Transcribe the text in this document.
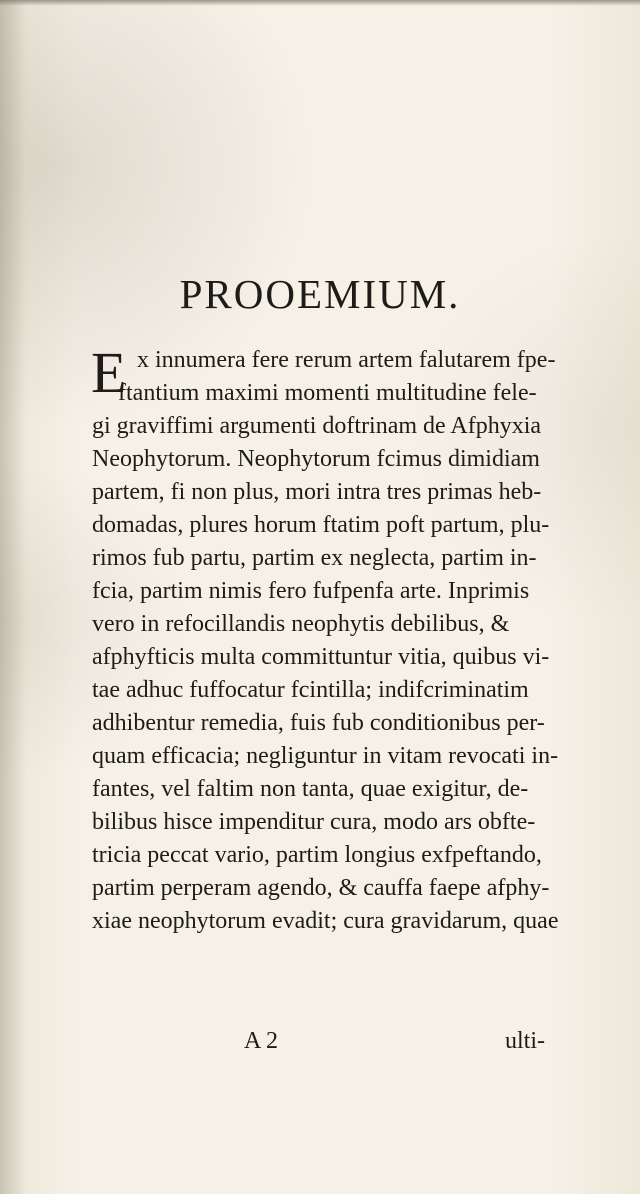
PROOEMIUM.
E x innumera fere rerum artem falutarem fpe-
ftantium maximi momenti multitudine fele-
gi graviffimi argumenti doftrinam de Afphyxia
Neophytorum. Neophytorum fcimus dimidiam
partem, fi non plus, mori intra tres primas heb-
domadas, plures horum ftatim poft partum, plu-
rimos fub partu, partim ex neglecta, partim in-
fcia, partim nimis fero fufpenfa arte. Inprimis
vero in refocillandis neophytis debilibus, &
afphyfticis multa committuntur vitia, quibus vi-
tae adhuc fuffocatur fcintilla; indifcriminatim
adhibentur remedia, fuis fub conditionibus per-
quam efficacia; negliguntur in vitam revocati in-
fantes, vel faltim non tanta, quae exigitur, de-
bilibus hisce impenditur cura, modo ars obfte-
tricia peccat vario, partim longius exfpeftando,
partim perperam agendo, & cauffa faepe afphy-
xiae neophytorum evadit; cura gravidarum, quae
A 2	ulti-
